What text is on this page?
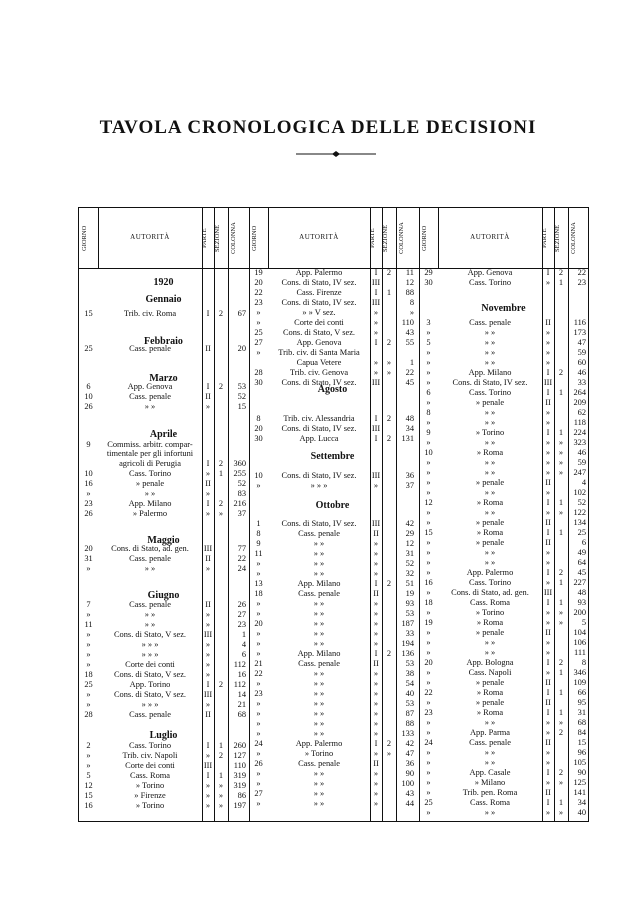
TAVOLA CRONOLOGICA DELLE DECISIONI
GIORNO	AUTORITÀ	PARTE SEZIONE	COLONNA	GIORNO	AUTORITÀ	PARTE SEZIONE	COLONNA	GIORNO	AUTORITÀ	PARTE SEZIONE	COLONNA
1920
Gennaio
Febbraio
Marzo
Aprile
Maggio
Giugno
Luglio
15	Trib. civ. Roma	I	2	67
25	Cass. penale	II	20
6	App. Genova	I	2	53
10	Cass. penale	II	52
26	» »	»	15
9	Commiss. arbitr. compar-
timentale per gli infortuni
agricoli di Perugia	I	2	360
10	Cass. Torino	»	1	255
16	» penale	II	52
»	» »	»	83
23	App. Milano	I	2	216
26	» Palermo	»	»	37
20	Cons. di Stato, ad. gen.	III	77
31	Cass. penale	II	22
»	» »	»	24
7	Cass. penale	II	26
»	» »	»	27
11	» »	»	23
»	Cons. di Stato, V sez.	III	1
»	» » »	»	4
»	» » »	»	6
»	Corte dei conti	»	112
18	Cons. di Stato, V sez.	»	16
25	App. Torino	I	2	112
»	Cons. di Stato, V sez.	III	14
»	» » »	»	21
28	Cass. penale	II	68
2	Cass. Torino	I	1	260
»	Trib. civ. Napoli	»	2	127
»	Corte dei conti	III	110
5	Cass. Roma	I	1	319
12	» Torino	»	»	319
15	» Firenze	»	»	86
16	» Torino	»	»	197
Agosto
Settembre
Ottobre
19	App. Palermo	I	2	11
20	Cons. di Stato, IV sez.	III	12
22	Cass. Firenze	I	1	88
23	Cons. di Stato, IV sez.	III	8
»	» » V sez.	»	»
»	Corte dei conti	»	110
25	Cons. di Stato, V sez.	»	43
27	App. Genova	I	2	55
»	Trib. civ. di Santa Maria
Capua Vetere	»	»	1
28	Trib. civ. Genova	»	»	22
30	Cons. di Stato, IV sez.	III	45
8	Trib. civ. Alessandria	I	2	48
20	Cons. di Stato, IV sez.	III	34
30	App. Lucca	I	2	131
10	Cons. di Stato, IV sez.	III	36
»	» » »	»	37
1	Cons. di Stato, IV sez.	III	42
8	Cass. penale	II	29
9	» »	»	12
11	» »	»	31
»	» »	»	52
»	» »	»	32
13	App. Milano	I	2	51
18	Cass. penale	II	19
»	» »	»	93
»	» »	»	53
20	» »	»	187
»	» »	»	33
»	» »	»	194
»	App. Milano	I	2	136
21	Cass. penale	II	53
22	» »	»	38
»	» »	»	54
23	» »	»	40
»	» »	»	53
»	» »	»	87
»	» »	»	88
»	» »	»	133
24	App. Palermo	I	2	42
»	» Torino	»	»	47
26	Cass. penale	II	36
»	» »	»	90
»	» »	»	100
27	» »	»	43
»	» »	»	44
Novembre
29	App. Genova	I	2	22
30	Cass. Torino	»	1	23
3	Cass. penale	II	116
»	» »	»	173
5	» »	»	47
»	» »	»	59
»	» »	»	60
»	App. Milano	I	2	46
»	Cons. di Stato, IV sez.	III	33
6	Cass. Torino	I	1	264
»	» penale	II	209
8	» »	»	62
»	» »	»	118
9	» Torino	I	1	224
»	» »	»	»	323
10	» Roma	»	»	46
»	» »	»	»	59
»	» »	»	»	247
»	» penale	II	4
»	» »	»	102
12	» Roma	I	1	52
»	» »	»	»	122
»	» penale	II	134
15	» Roma	I	1	25
»	» penale	II	6
»	» »	»	49
»	» »	»	64
»	App. Palermo	I	2	45
16	Cass. Torino	»	1	227
»	Cons. di Stato, ad. gen.	III	48
18	Cass. Roma	I	1	93
»	» Torino	»	»	200
19	» Roma	»	»	5
»	» penale	II	104
»	» »	»	106
»	» »	»	111
20	App. Bologna	I	2	8
»	Cass. Napoli	»	1	346
»	» penale	II	109
22	» Roma	I	1	66
»	» penale	II	95
23	» Roma	I	1	31
»	» »	»	»	68
»	App. Parma	»	2	84
24	Cass. penale	II	15
»	» »	»	96
»	» »	»	105
»	App. Casale	I	2	90
»	» Milano	»	»	125
»	Trib. pen. Roma	II	141
25	Cass. Roma	I	1	34
»	» »	»	»	40
